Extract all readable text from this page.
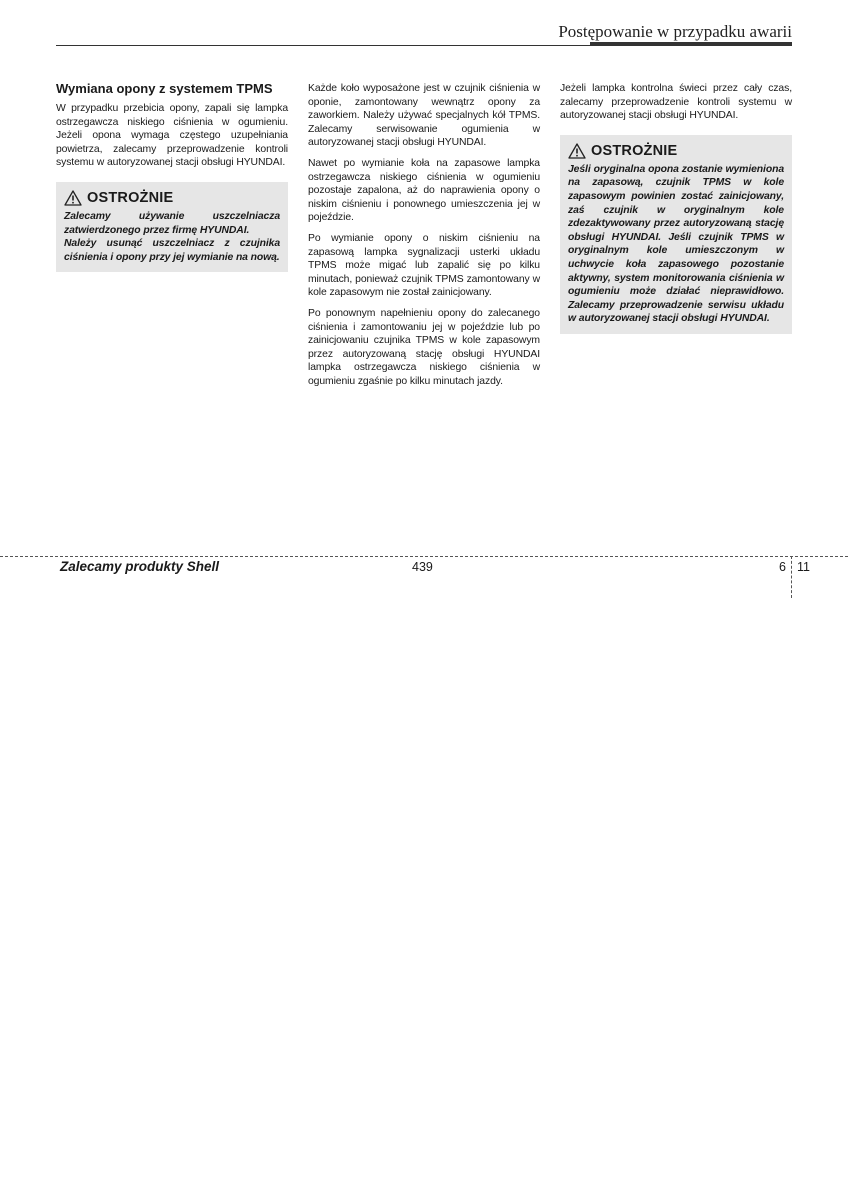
Postępowanie w przypadku awarii
Wymiana opony z systemem TPMS

W przypadku przebicia opony, zapali się lampka ostrzegawcza niskiego ciśnienia w ogumieniu. Jeżeli opona wymaga częstego uzupełniania powietrza, zalecamy przeprowadzenie kontroli systemu w autoryzowanej stacji obsługi HYUNDAI.

OSTROŻNIE

Zalecamy używanie uszczelniacza zatwierdzonego przez firmę HYUNDAI.

Należy usunąć uszczelniacz z czujnika ciśnienia i opony przy jej wymianie na nową.

Każde koło wyposażone jest w czujnik ciśnienia w oponie, zamontowany wewnątrz opony za zaworkiem. Należy używać specjalnych kół TPMS. Zalecamy serwisowanie ogumienia w autoryzowanej stacji obsługi HYUNDAI.

Nawet po wymianie koła na zapasowe lampka ostrzegawcza niskiego ciśnienia w ogumieniu pozostaje zapalona, aż do naprawienia opony o niskim ciśnieniu i ponownego umieszczenia jej w pojeździe.

Po wymianie opony o niskim ciśnieniu na zapasową lampka sygnalizacji usterki układu TPMS może migać lub zapalić się po kilku minutach, ponieważ czujnik TPMS zamontowany w kole zapasowym nie został zainicjowany.

Po ponownym napełnieniu opony do zalecanego ciśnienia i zamontowaniu jej w pojeździe lub po zainicjowaniu czujnika TPMS w kole zapasowym przez autoryzowaną stację obsługi HYUNDAI lampka ostrzegawcza niskiego ciśnienia w ogumieniu zgaśnie po kilku minutach jazdy.

Jeżeli lampka kontrolna świeci przez cały czas, zalecamy przeprowadzenie kontroli systemu w autoryzowanej stacji obsługi HYUNDAI.

OSTROŻNIE

Jeśli oryginalna opona zostanie wymieniona na zapasową, czujnik TPMS w kole zapasowym powinien zostać zainicjowany, zaś czujnik w oryginalnym kole zdezaktywowany przez autoryzowaną stację obsługi HYUNDAI. Jeśli czujnik TPMS w oryginalnym kole umieszczonym w uchwycie koła zapasowego pozostanie aktywny, system monitorowania ciśnienia w ogumieniu może działać nieprawidłowo. Zalecamy przeprowadzenie serwisu układu w autoryzowanej stacji obsługi HYUNDAI.

Zalecamy produkty Shell	439	6 11
